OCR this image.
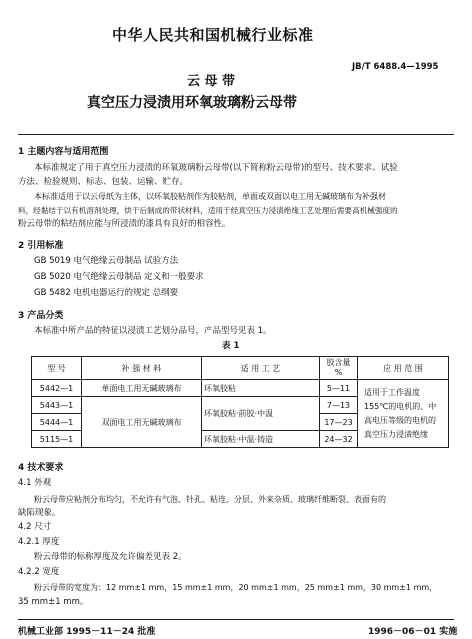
中华人民共和国机械行业标准
JB/T 6488.4—1995
云 母 带
真空压力浸渍用环氧玻璃粉云母带
1 主题内容与适用范围
本标准规定了用于真空压力浸渍的环氧玻璃粉云母带(以下简称粉云母带)的型号、技术要求、试验
方法、检验规则、标志、包装、运输、贮存。
本标准适用于以云母纸为主体，以环氧胶粘剂作为胶粘剂，单面或双面以电工用无碱玻璃布为补强材
料，经黏结于以有机溶剂处理，烘干后制成的带状材料，适用于经真空压力浸渍绝缘工艺处理后需要高机械强度的
粉云母带的粘结剂应能与所浸渍的漆具有良好的相容性。
2 引用标准
GB 5019 电气绝缘云母制品 试验方法
GB 5020 电气绝缘云母制品 定义和一般要求
GB 5482 电机电器运行的规定 总纲要
3 产品分类
本标准中所产品的特征以浸渍工艺划分品号，产品型号见表 1。
表 1
型 号	补 强 材 料	适 用 工 艺	胶含量
%	应 用 范 围
5442—1	单面电工用无碱玻璃布	环氧胶粘	5—11	适用于工作温度155℃的电机的、中高电压等级的电机的真空压力浸渍绝缘
5443—1	双面电工用无碱玻璃布	环氧胶粘·前胶·中温	7—13	
5444—1			17—23	
5115—1		环氧胶粘·中温·铸造	24—32	
4 技术要求
4.1 外观
粉云母带应粘剂分布均匀，不允许有气泡、针孔、粘连、分层、外来杂质、玻璃纤维断裂、表面有的
缺陷现象。
4.2 尺寸
4.2.1 厚度
粉云母带的标称厚度及允许偏差见表 2。
4.2.2 宽度
粉云母带的宽度为：12 mm±1 mm，15 mm±1 mm，20 mm±1 mm，25 mm±1 mm，30 mm±1 mm，
35 mm±1 mm。
机械工业部 1995－11－24 批准	1996－06－01 实施
